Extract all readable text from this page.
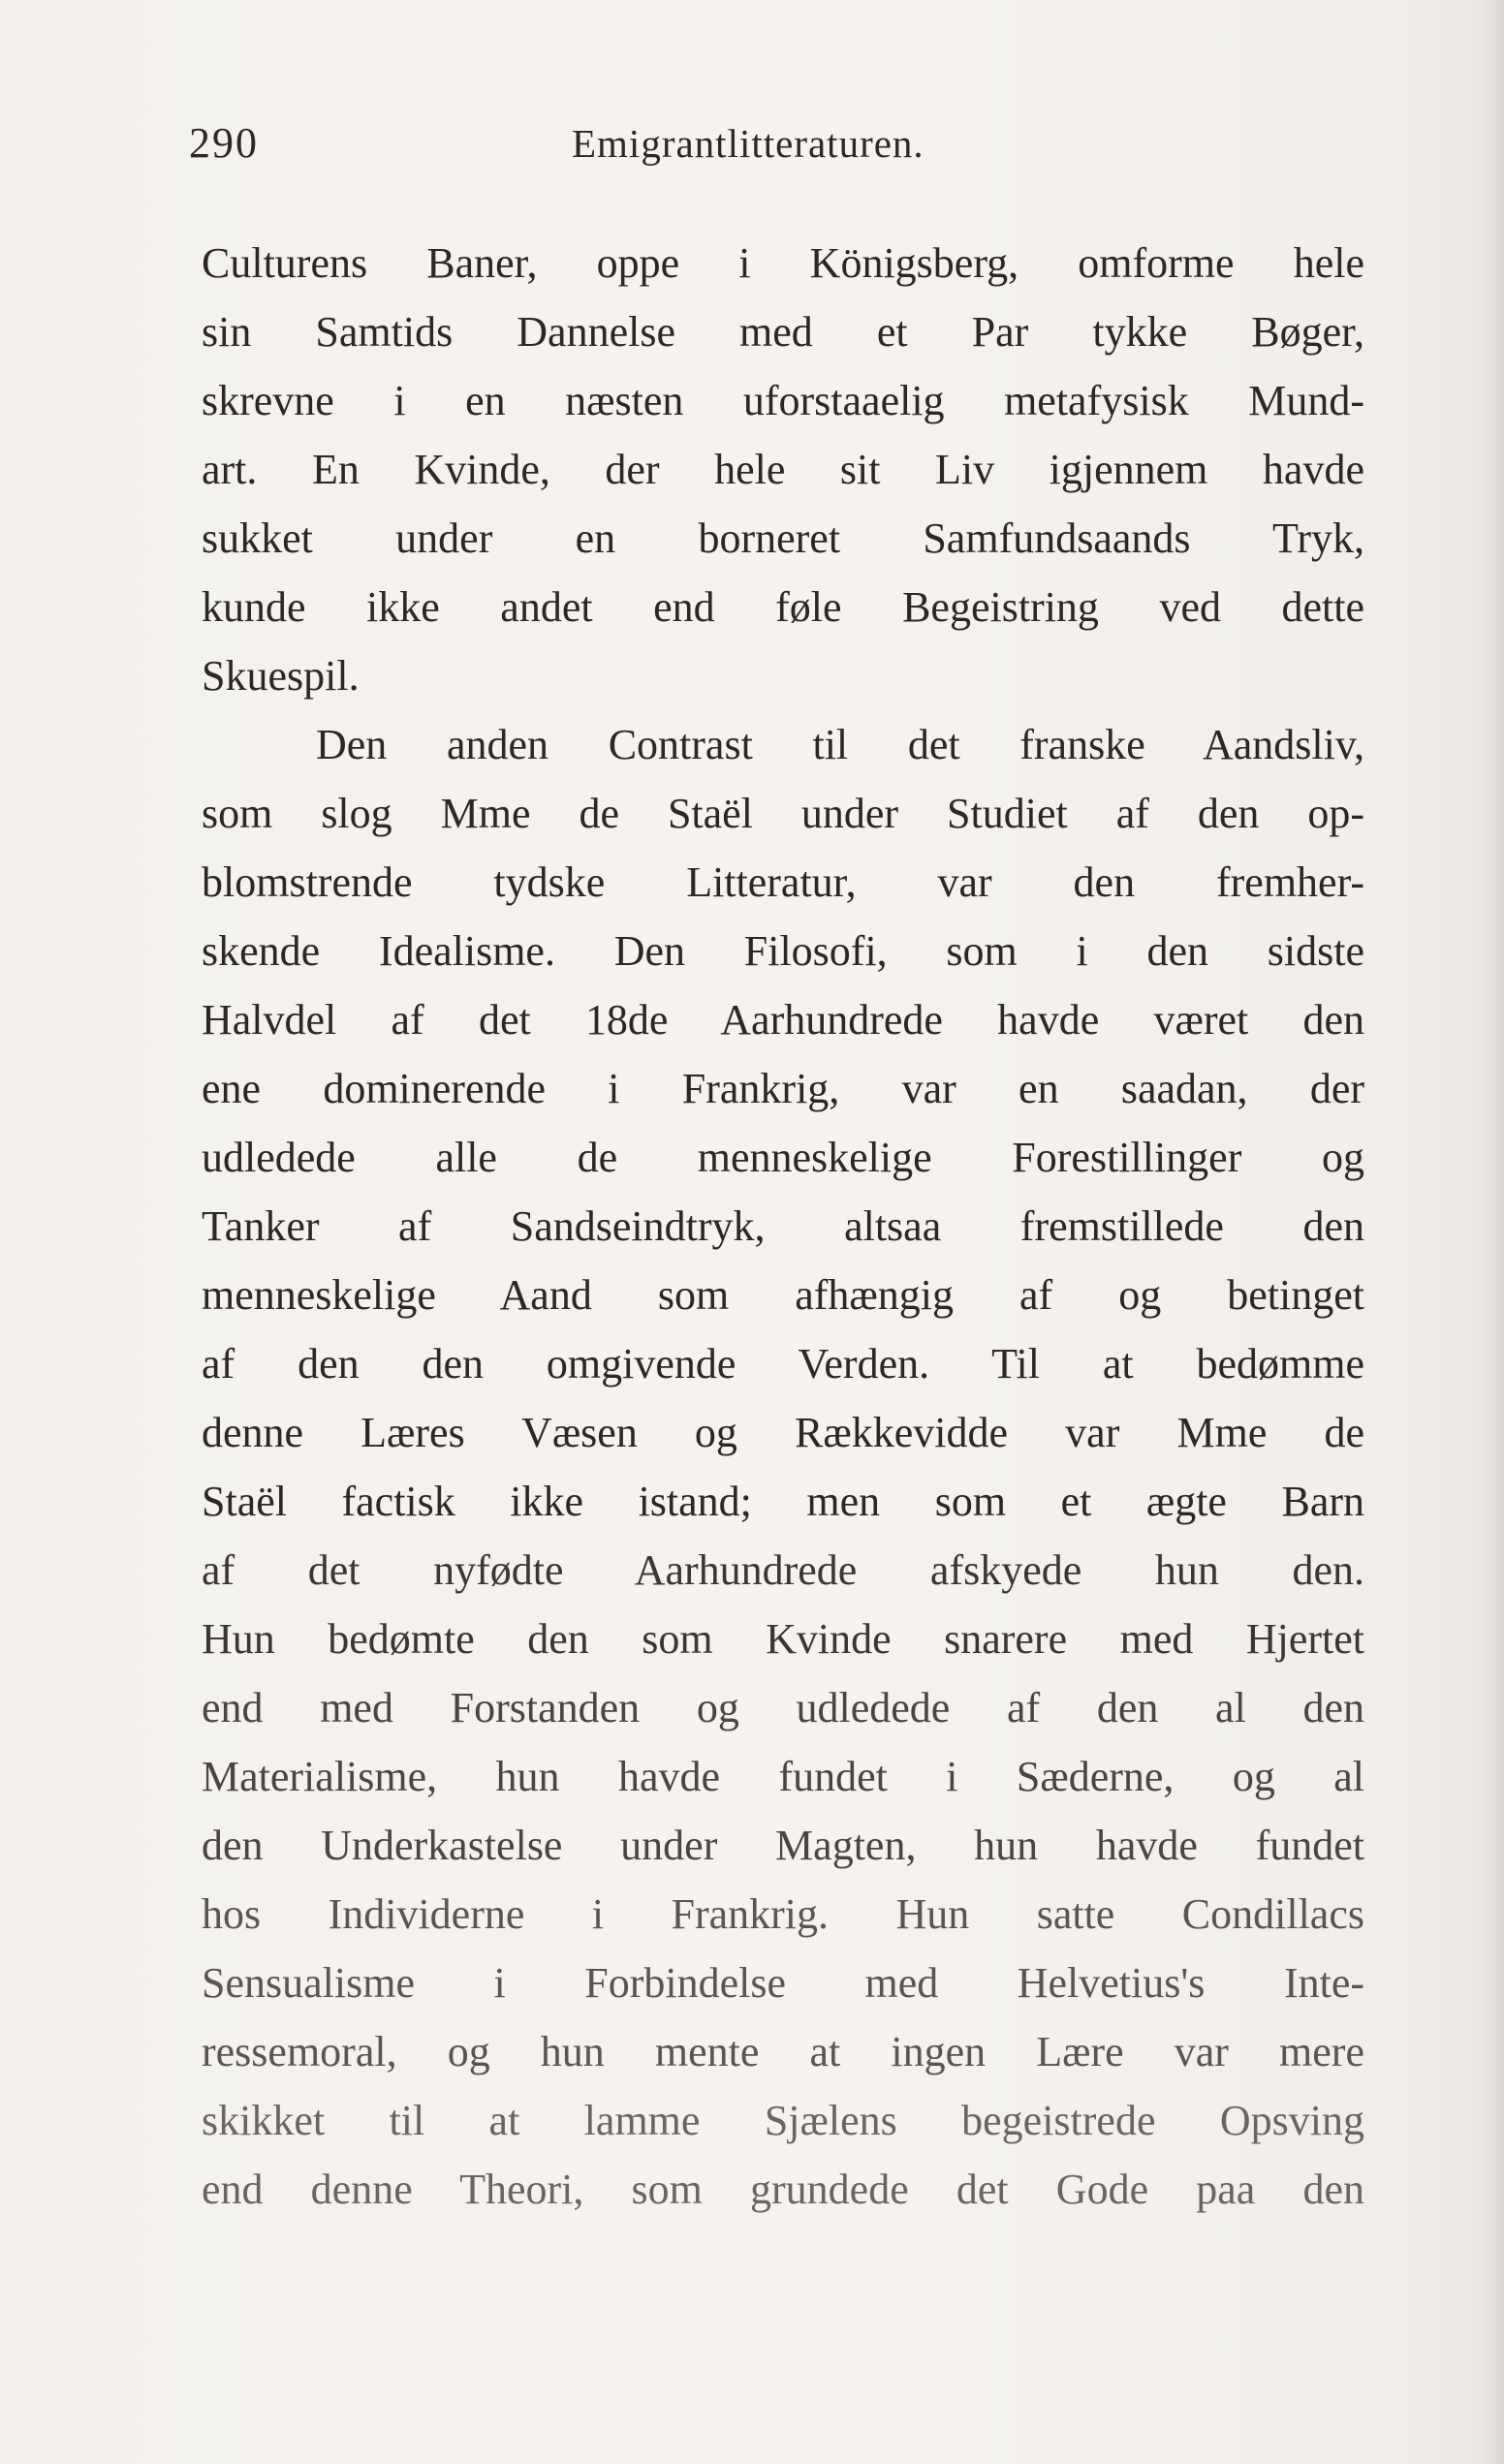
290	Emigrantlitteraturen.
Culturens Baner, oppe i Königsberg, omforme hele
sin Samtids Dannelse med et Par tykke Bøger,
skrevne i en næsten uforstaaelig metafysisk Mund-
art. En Kvinde, der hele sit Liv igjennem havde
sukket under en borneret Samfundsaands Tryk,
kunde ikke andet end føle Begeistring ved dette
Skuespil.
Den anden Contrast til det franske Aandsliv,
som slog Mme de Staël under Studiet af den op-
blomstrende tydske Litteratur, var den fremher-
skende Idealisme. Den Filosofi, som i den sidste
Halvdel af det 18de Aarhundrede havde været den
ene dominerende i Frankrig, var en saadan, der
udledede alle de menneskelige Forestillinger og
Tanker af Sandseindtryk, altsaa fremstillede den
menneskelige Aand som afhængig af og betinget
af den den omgivende Verden. Til at bedømme
denne Læres Væsen og Rækkevidde var Mme de
Staël factisk ikke istand; men som et ægte Barn
af det nyfødte Aarhundrede afskyede hun den.
Hun bedømte den som Kvinde snarere med Hjertet
end med Forstanden og udledede af den al den
Materialisme, hun havde fundet i Sæderne, og al
den Underkastelse under Magten, hun havde fundet
hos Individerne i Frankrig. Hun satte Condillacs
Sensualisme i Forbindelse med Helvetius's Inte-
ressemoral, og hun mente at ingen Lære var mere
skikket til at lamme Sjælens begeistrede Opsving
end denne Theori, som grundede det Gode paa den
